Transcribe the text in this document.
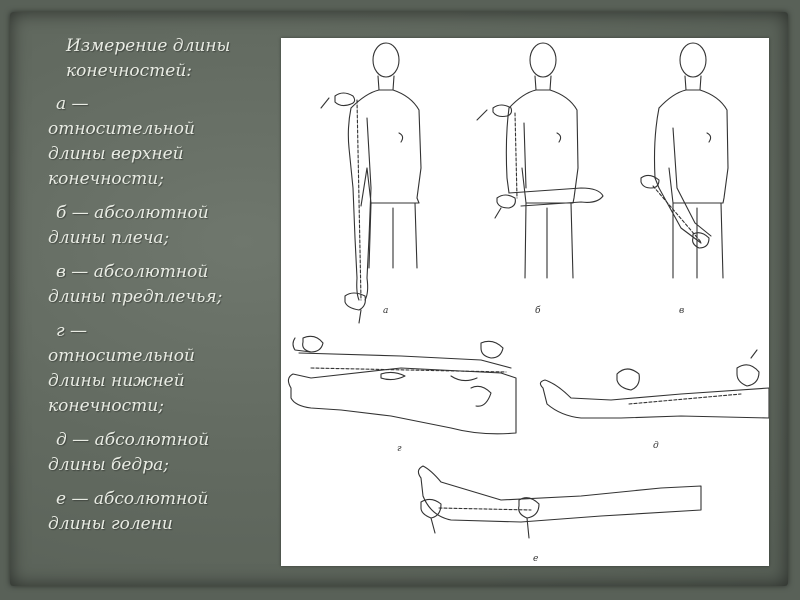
Измерение длины
конечностей:
а —
относительной
длины верхней
конечности;
б — абсолютной
длины плеча;
в — абсолютной
длины предплечья;
г —
относительной
длины нижней
конечности;
д — абсолютной
длины бедра;
е — абсолютной
длины голени
а	б	в
г	д
е
